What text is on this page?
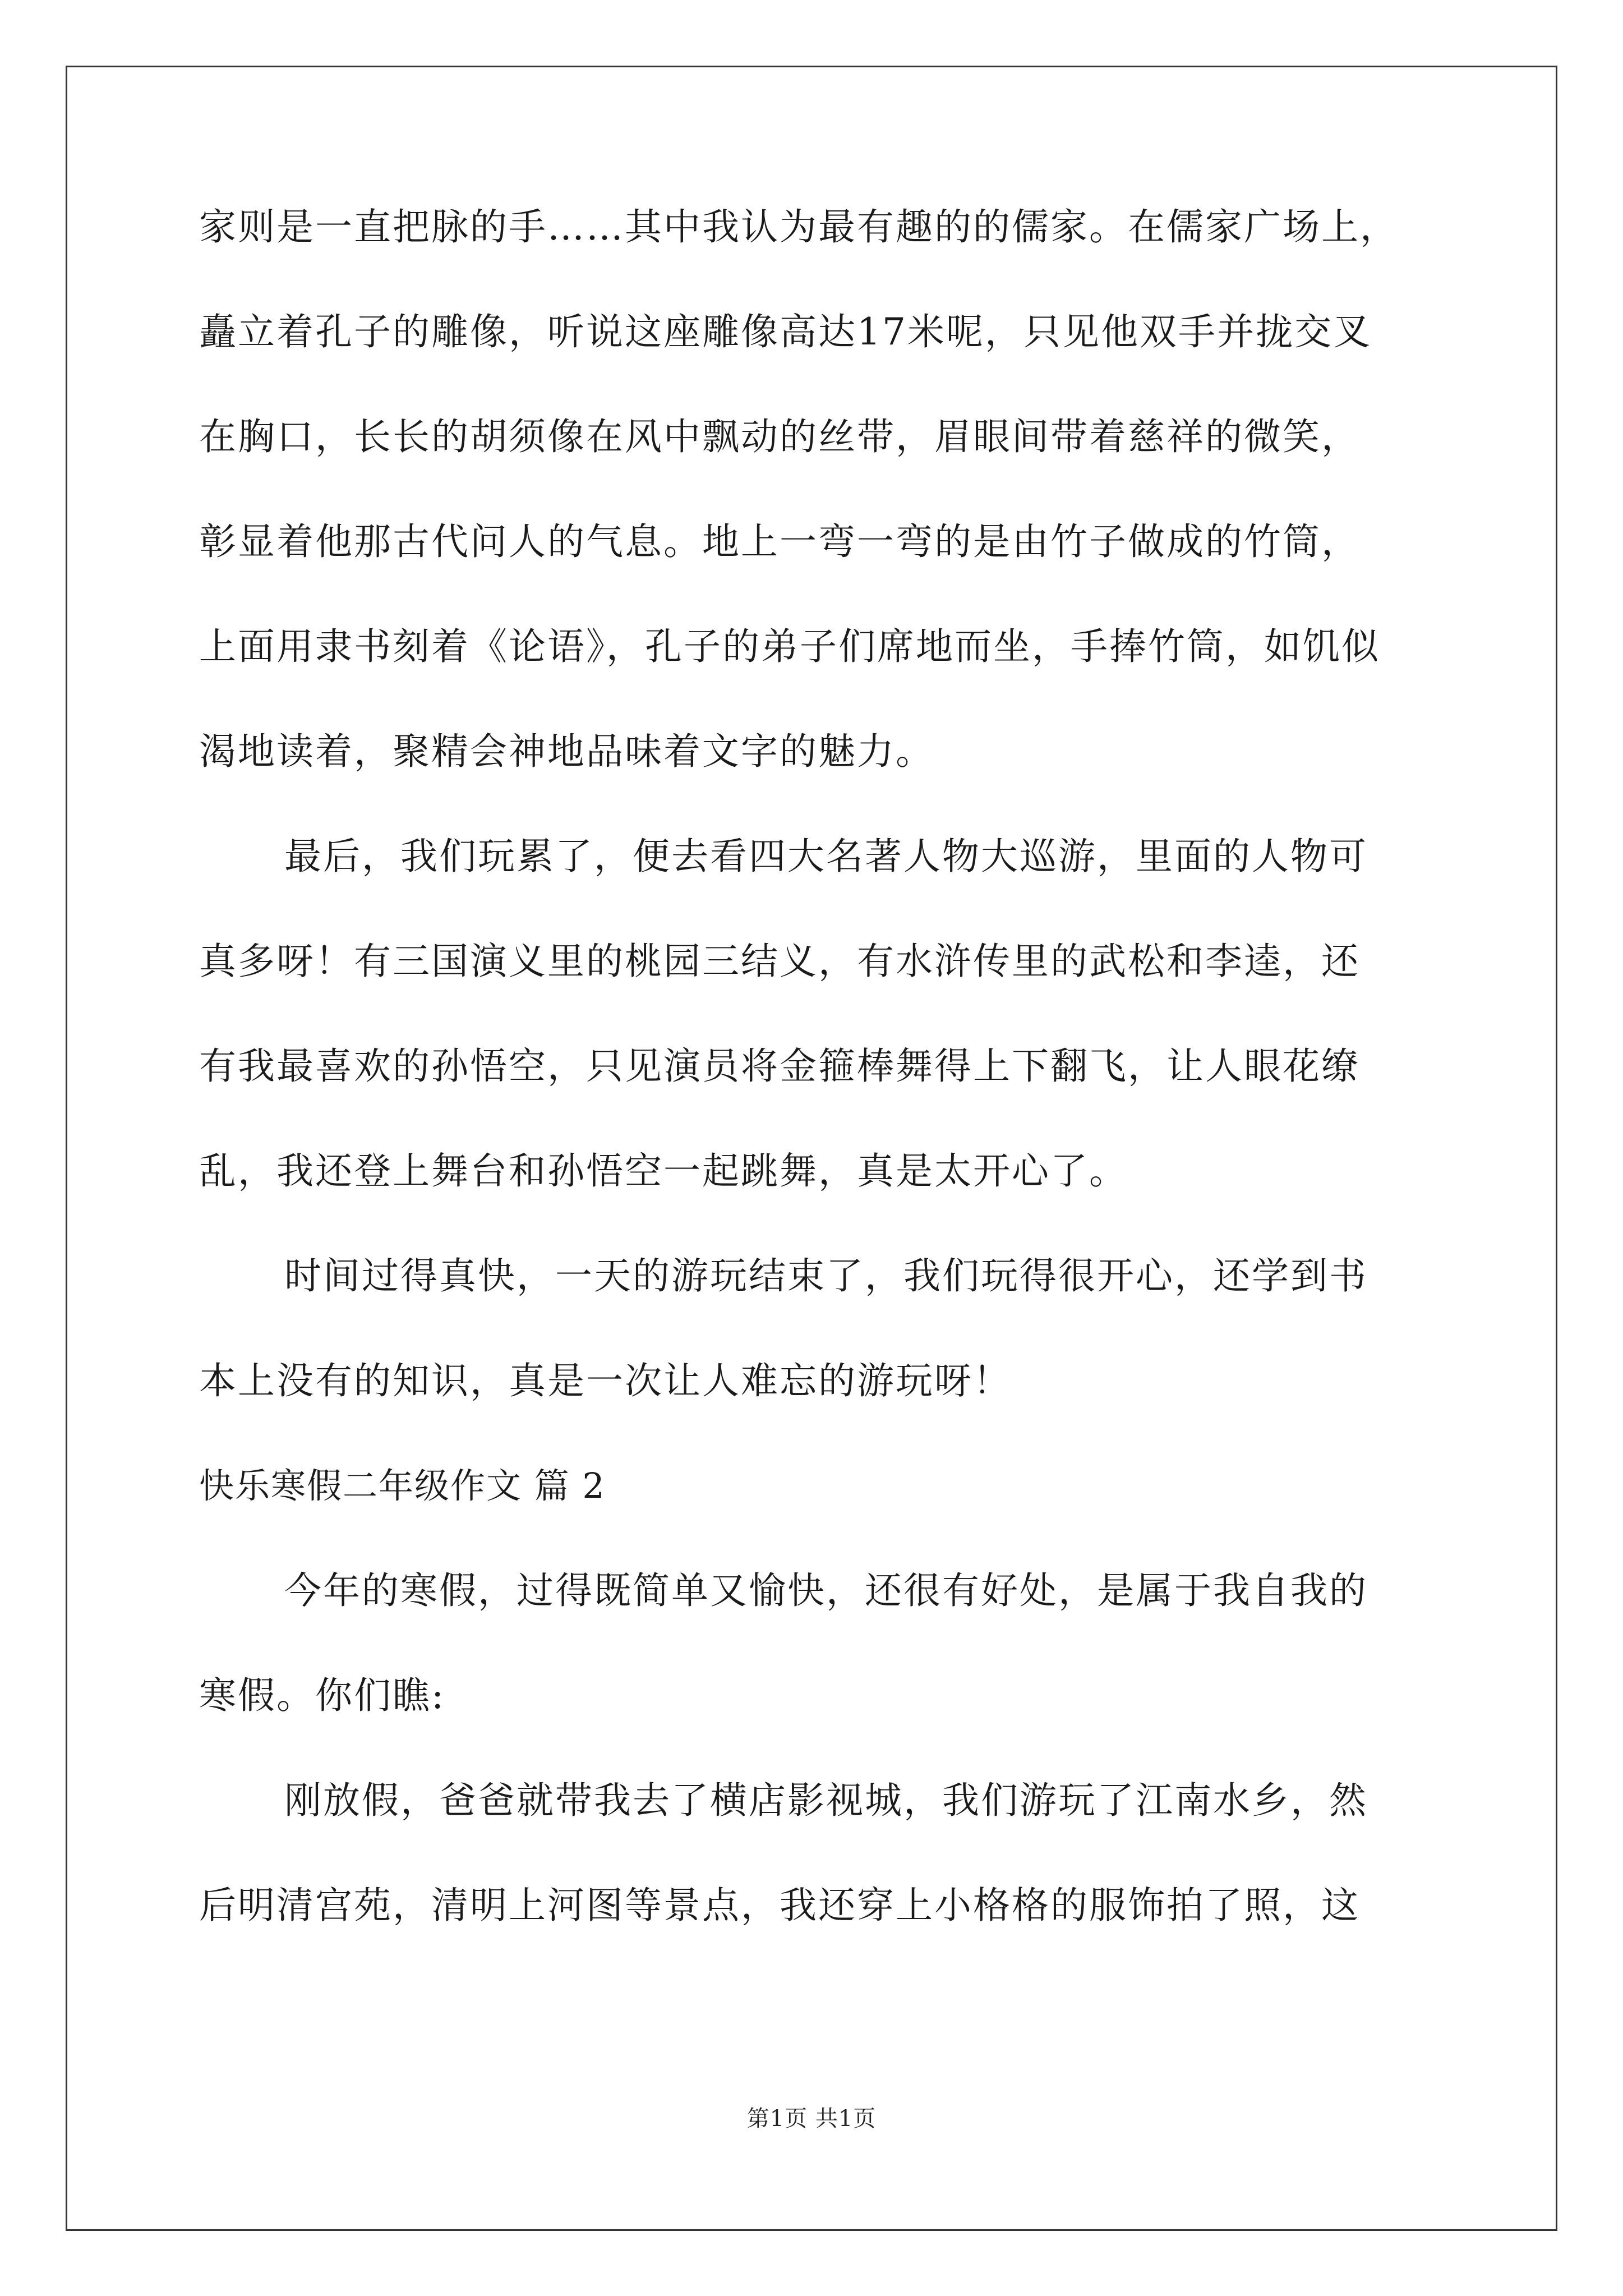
家则是一直把脉的手……其中我认为最有趣的的儒家。在儒家广场上，
矗立着孔子的雕像，听说这座雕像高达17米呢，只见他双手并拢交叉
在胸口，长长的胡须像在风中飘动的丝带，眉眼间带着慈祥的微笑，
彰显着他那古代问人的气息。地上一弯一弯的是由竹子做成的竹筒，
上面用隶书刻着《论语》，孔子的弟子们席地而坐，手捧竹筒，如饥似
渴地读着，聚精会神地品味着文字的魅力。
最后，我们玩累了，便去看四大名著人物大巡游，里面的人物可
真多呀！有三国演义里的桃园三结义，有水浒传里的武松和李逵，还
有我最喜欢的孙悟空，只见演员将金箍棒舞得上下翻飞，让人眼花缭
乱，我还登上舞台和孙悟空一起跳舞，真是太开心了。
时间过得真快，一天的游玩结束了，我们玩得很开心，还学到书
本上没有的知识，真是一次让人难忘的游玩呀！
快乐寒假二年级作文 篇 2
今年的寒假，过得既简单又愉快，还很有好处，是属于我自我的
寒假。你们瞧:
刚放假，爸爸就带我去了横店影视城，我们游玩了江南水乡，然
后明清宫苑，清明上河图等景点，我还穿上小格格的服饰拍了照，这
第1页 共1页
